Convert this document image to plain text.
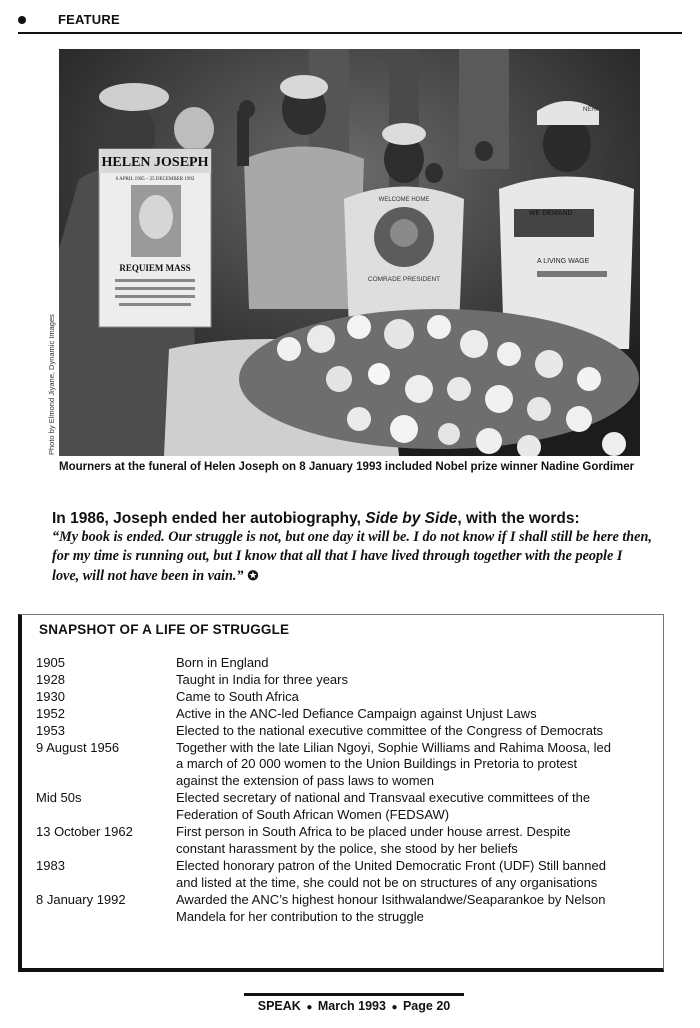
FEATURE
HELEN JOSEPH
6 APRIL 1905 – 25 DECEMBER 1992
REQUIEM MASS
WELCOME HOME
COMRADE PRESIDENT
NEHAWU
WE DEMAND
A LIVING WAGE
Photo by Elmond Jiyane, Dynamic Images
Mourners at the funeral of Helen Joseph on 8 January 1993 included Nobel prize winner Nadine Gordimer
In 1986, Joseph ended her autobiography, Side by Side, with the words:
“My book is ended. Our struggle is not, but one day it will be. I do not know if I shall still be here then, for my time is running out, but I know that all that I have lived through together with the people I love, will not have been in vain.” ✪
SNAPSHOT OF A LIFE OF STRUGGLE
1905	Born in England
1928	Taught in India for three years
1930	Came to South Africa
1952	Active in the ANC-led Defiance Campaign against Unjust Laws
1953	Elected to the national executive committee of the Congress of Democrats
9 August 1956	Together with the late Lilian Ngoyi, Sophie Williams and Rahima Moosa, led a march of 20 000 women to the Union Buildings in Pretoria to protest against the extension of pass laws to women
Mid 50s	Elected secretary of national and Transvaal executive committees of the Federation of South African Women (FEDSAW)
13 October 1962	First person in South Africa to be placed under house arrest. Despite constant harassment by the police, she stood by her beliefs
1983	Elected honorary patron of the United Democratic Front (UDF) Still banned and listed at the time, she could not be on structures of any organisations
8 January 1992	Awarded the ANC’s highest honour Isithwalandwe/Seaparankoe by Nelson Mandela for her contribution to the struggle
SPEAK ● March 1993 ● Page 20
